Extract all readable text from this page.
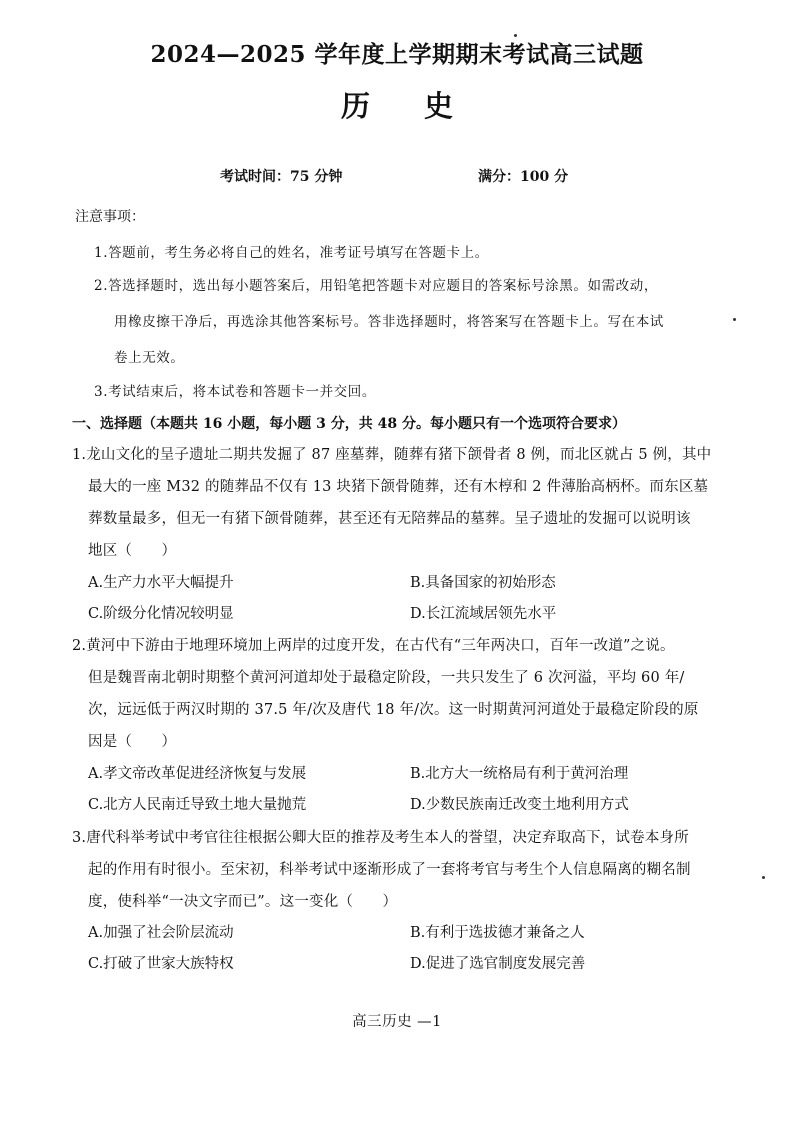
2024—2025 学年度上学期期末考试高三试题
历 史
考试时间：75 分钟	满分：100 分
注意事项：
1.答题前，考生务必将自己的姓名，准考证号填写在答题卡上。
2.答选择题时，选出每小题答案后，用铅笔把答题卡对应题目的答案标号涂黑。如需改动，
用橡皮擦干净后，再选涂其他答案标号。答非选择题时，将答案写在答题卡上。写在本试
卷上无效。
3.考试结束后，将本试卷和答题卡一并交回。
一、选择题（本题共 16 小题，每小题 3 分，共 48 分。每小题只有一个选项符合要求）
1.龙山文化的呈子遗址二期共发掘了 87 座墓葬，随葬有猪下颌骨者 8 例，而北区就占 5 例，其中
最大的一座 M32 的随葬品不仅有 13 块猪下颌骨随葬，还有木椁和 2 件薄胎高柄杯。而东区墓
葬数量最多，但无一有猪下颌骨随葬，甚至还有无陪葬品的墓葬。呈子遗址的发掘可以说明该
地区（　　）
A.生产力水平大幅提升	B.具备国家的初始形态
C.阶级分化情况较明显	D.长江流域居领先水平
2.黄河中下游由于地理环境加上两岸的过度开发，在古代有“三年两决口，百年一改道”之说。
但是魏晋南北朝时期整个黄河河道却处于最稳定阶段，一共只发生了 6 次河溢，平均 60 年/
次，远远低于两汉时期的 37.5 年/次及唐代 18 年/次。这一时期黄河河道处于最稳定阶段的原
因是（　　）
A.孝文帝改革促进经济恢复与发展	B.北方大一统格局有利于黄河治理
C.北方人民南迁导致土地大量抛荒	D.少数民族南迁改变土地利用方式
3.唐代科举考试中考官往往根据公卿大臣的推荐及考生本人的誉望，决定弃取高下，试卷本身所
起的作用有时很小。至宋初，科举考试中逐渐形成了一套将考官与考生个人信息隔离的糊名制
度，使科举“一决文字而已”。这一变化（　　）
A.加强了社会阶层流动	B.有利于选拔德才兼备之人
C.打破了世家大族特权	D.促进了选官制度发展完善
高三历史 —1
